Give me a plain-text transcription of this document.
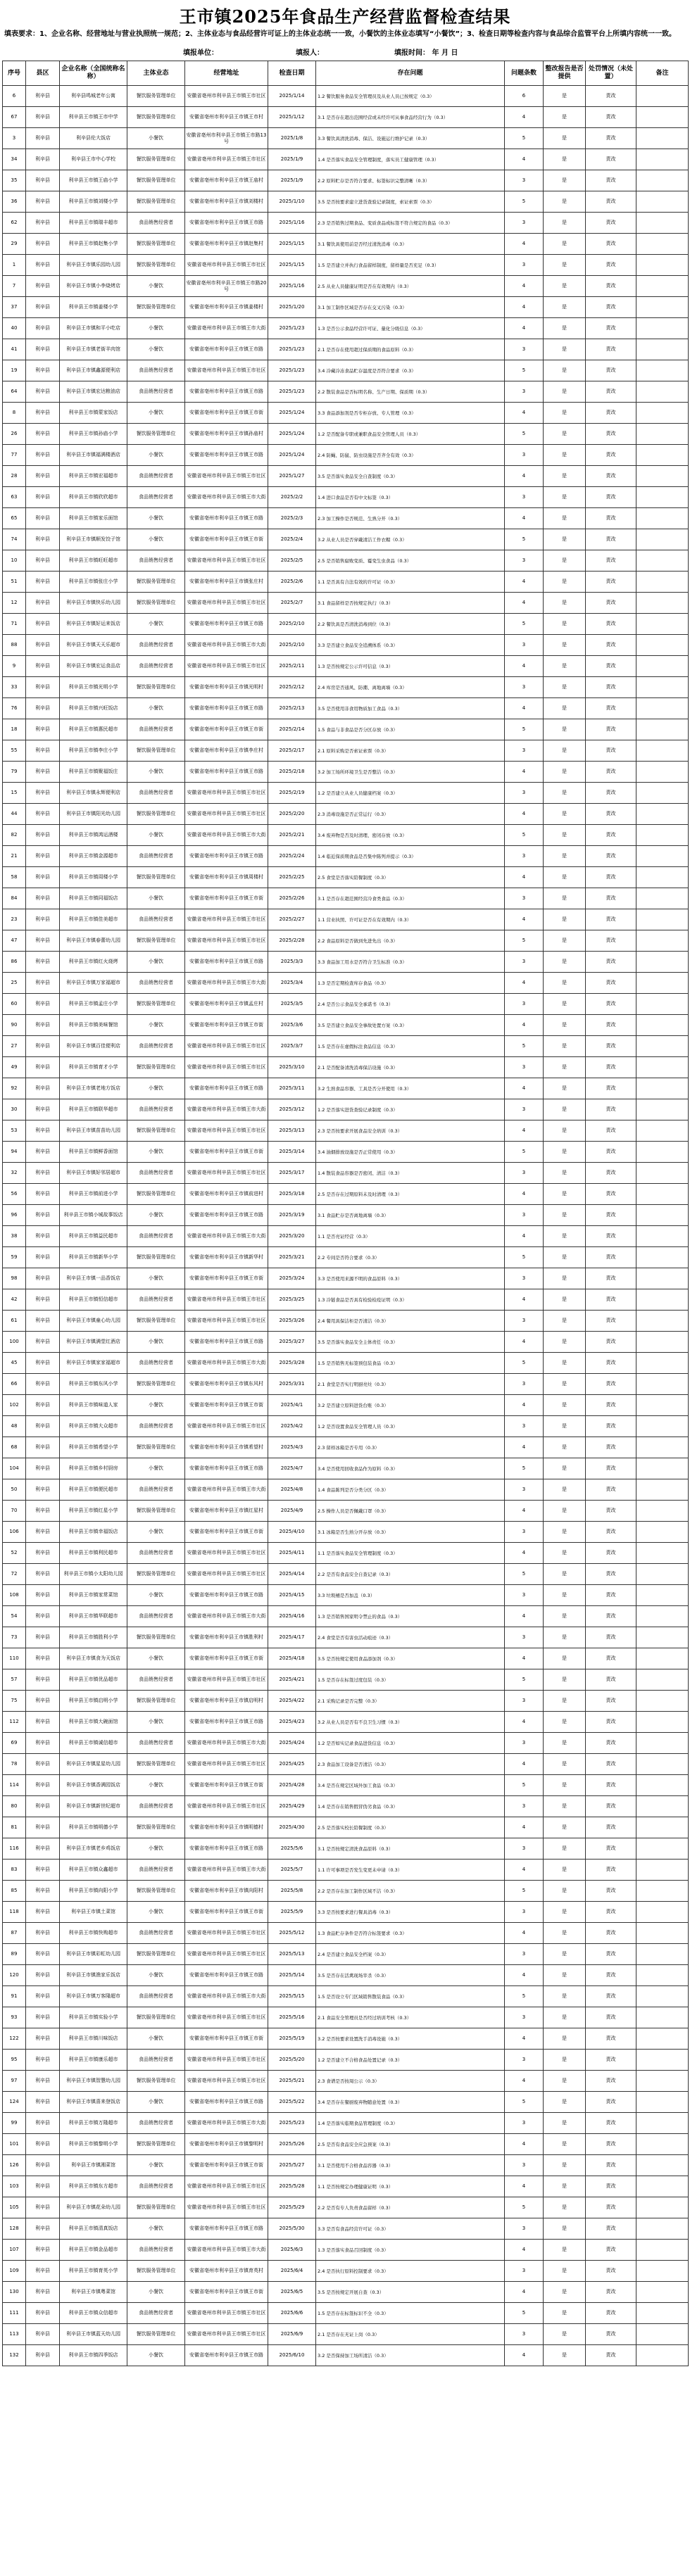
王市镇2025年食品生产经营监督检查结果
填表要求：1、企业名称、经营地址与营业执照统一规范；2、主体业态与食品经营许可证上的主体业态统一一致，小餐饮的主体业态填写“小餐饮”；3、检查日期等检查内容与食品综合监管平台上所填内容统一一致。
填报单位：	填报人：	填报时间： 年 月 日
序号	县区	企业名称（全国统称名称）	主体业态	经营地址	检查日期	存在问题	问题条数	整改报告是否提供	处罚情况（未处置）	备注
6	利辛县	利辛县鸣城老年公寓	餐饮服务管理单位	安徽省亳州市利辛县王市镇王市社区	2025/1/14	1.2 餐饮服务食品安全管理员及从业人员已按规定（0.3）	6	是	责改	
67	利辛县	利辛县王市镇王市中学	餐饮服务管理单位	安徽省亳州市利辛县王市镇王市村	2025/1/12	3.1 是否存在超出范围经营或未经许可从事食品经营行为（0.3）	4	是	责改	
3	利辛县	利辛县伦大饭店	小餐饮	安徽省亳州市利辛县王市镇王市路13号	2025/1/8	3.3 餐饮具清洗消毒、保洁、设施运行维护记录（0.3）	5	是	责改	
34	利辛县	利辛县王市中心学校	餐饮服务管理单位	安徽省亳州市利辛县王市镇王市社区	2025/1/9	1.4 是否落实食品安全管理制度，落实员工健康管理（0.3）	4	是	责改	
35	利辛县	利辛县王市镇王庙小学	餐饮服务管理单位	安徽省亳州市利辛县王市镇王庙村	2025/1/9	2.2 原料贮存是否符合要求、标签标识完整清晰（0.3）	3	是	责改	
36	利辛县	利辛县王市镇刘楼小学	餐饮服务管理单位	安徽省亳州市利辛县王市镇刘楼村	2025/1/10	3.5 是否按要求建立进货查验记录制度，索证索票（0.3）	5	是	责改	
62	利辛县	利辛县王市镇瑞丰超市	食品销售经营者	安徽省亳州市利辛县王市镇王市路	2025/1/16	2.3 是否销售过期食品、变质食品或标签不符合规定的食品（0.3）	3	是	责改	
29	利辛县	利辛县王市镇赵集小学	餐饮服务管理单位	安徽省亳州市利辛县王市镇赵集村	2025/1/15	3.1 餐饮具使用前是否经过清洗消毒（0.3）	4	是	责改	
1	利辛县	利辛县王市镇乐园幼儿园	餐饮服务管理单位	安徽省亳州市利辛县王市镇王市社区	2025/1/15	1.5 是否建立并执行食品留样制度，留样量是否充足（0.3）	3	是	责改	
7	利辛县	利辛县王市镇小李烧烤店	小餐饮	安徽省亳州市利辛县王市镇王市路20号	2025/1/16	2.5 从业人员健康证明是否在有效期内（0.3）	4	是	责改	
37	利辛县	利辛县王市镇姜楼小学	餐饮服务管理单位	安徽省亳州市利辛县王市镇姜楼村	2025/1/20	3.1 加工制作区域是否存在交叉污染（0.3）	4	是	责改	
40	利辛县	利辛县王市镇和平小吃店	小餐饮	安徽省亳州市利辛县王市镇王市大街	2025/1/23	1.3 是否公示食品经营许可证、量化分级信息（0.3）	4	是	责改	
41	利辛县	利辛县王市镇老街羊肉馆	小餐饮	安徽省亳州市利辛县王市镇王市路	2025/1/23	2.1 是否存在使用超过保质期的食品原料（0.3）	3	是	责改	
19	利辛县	利辛县王市镇鑫源便利店	食品销售经营者	安徽省亳州市利辛县王市镇王市社区	2025/1/23	3.4 冷藏冷冻食品贮存温度是否符合要求（0.3）	5	是	责改	
64	利辛县	利辛县王市镇宏达粮油店	食品销售经营者	安徽省亳州市利辛县王市镇王市路	2025/1/23	2.2 散装食品是否标明名称、生产日期、保质期（0.3）	3	是	责改	
8	利辛县	利辛县王市镇蒙家饭店	小餐饮	安徽省亳州市利辛县王市镇王市街	2025/1/24	3.3 食品添加剂是否专柜存放、专人管理（0.3）	4	是	责改	
26	利辛县	利辛县王市镇孙庙小学	餐饮服务管理单位	安徽省亳州市利辛县王市镇孙庙村	2025/1/24	1.2 是否配备专职或兼职食品安全管理人员（0.3）	5	是	责改	
77	利辛县	利辛县王市镇福满楼酒店	小餐饮	安徽省亳州市利辛县王市镇王市路	2025/1/24	2.4 防蝇、防鼠、防虫设施是否齐全有效（0.3）	3	是	责改	
28	利辛县	利辛县王市镇宏福超市	食品销售经营者	安徽省亳州市利辛县王市镇王市社区	2025/1/27	3.5 是否落实食品安全自查制度（0.3）	4	是	责改	
63	利辛县	利辛县王市镇欣欣超市	食品销售经营者	安徽省亳州市利辛县王市镇王市大街	2025/2/2	1.4 进口食品是否有中文标签（0.3）	3	是	责改	
65	利辛县	利辛县王市镇家乐面馆	小餐饮	安徽省亳州市利辛县王市镇王市路	2025/2/3	2.3 加工操作是否规范、生熟分开（0.3）	4	是	责改	
74	利辛县	利辛县王市镇顺发饺子馆	小餐饮	安徽省亳州市利辛县王市镇王市街	2025/2/4	3.2 从业人员是否穿戴清洁工作衣帽（0.3）	5	是	责改	
10	利辛县	利辛县王市镇旺旺超市	食品销售经营者	安徽省亳州市利辛县王市镇王市社区	2025/2/5	2.5 是否销售腐败变质、霉变生虫食品（0.3）	3	是	责改	
51	利辛县	利辛县王市镇张庄小学	餐饮服务管理单位	安徽省亳州市利辛县王市镇张庄村	2025/2/6	1.1 是否具有合法有效的许可证（0.3）	4	是	责改	
12	利辛县	利辛县王市镇快乐幼儿园	餐饮服务管理单位	安徽省亳州市利辛县王市镇王市社区	2025/2/7	3.1 食品留样是否按规定执行（0.3）	4	是	责改	
71	利辛县	利辛县王市镇好运来饭店	小餐饮	安徽省亳州市利辛县王市镇王市路	2025/2/10	2.2 餐饮具是否清洗消毒到位（0.3）	5	是	责改	
88	利辛县	利辛县王市镇天天乐超市	食品销售经营者	安徽省亳州市利辛县王市镇王市大街	2025/2/10	3.3 是否建立食品安全追溯体系（0.3）	3	是	责改	
9	利辛县	利辛县王市镇宏运食品店	食品销售经营者	安徽省亳州市利辛县王市镇王市社区	2025/2/11	1.3 是否按规定公示许可信息（0.3）	4	是	责改	
33	利辛县	利辛县王市镇光明小学	餐饮服务管理单位	安徽省亳州市利辛县王市镇光明村	2025/2/12	2.4 库房是否通风、防潮、离地离墙（0.3）	3	是	责改	
76	利辛县	利辛县王市镇兴旺饭店	小餐饮	安徽省亳州市利辛县王市镇王市路	2025/2/13	3.5 是否使用非食用物质加工食品（0.3）	4	是	责改	
18	利辛县	利辛县王市镇惠民超市	食品销售经营者	安徽省亳州市利辛县王市镇王市街	2025/2/14	1.5 食品与非食品是否分区存放（0.3）	5	是	责改	
55	利辛县	利辛县王市镇李庄小学	餐饮服务管理单位	安徽省亳州市利辛县王市镇李庄村	2025/2/17	2.1 原料采购是否索证索票（0.3）	3	是	责改	
79	利辛县	利辛县王市镇聚福饭庄	小餐饮	安徽省亳州市利辛县王市镇王市路	2025/2/18	3.2 加工场所环境卫生是否整洁（0.3）	4	是	责改	
15	利辛县	利辛县王市镇永辉便利店	食品销售经营者	安徽省亳州市利辛县王市镇王市社区	2025/2/19	1.2 是否建立从业人员健康档案（0.3）	3	是	责改	
44	利辛县	利辛县王市镇阳光幼儿园	餐饮服务管理单位	安徽省亳州市利辛县王市镇王市社区	2025/2/20	2.3 消毒设施是否正常运行（0.3）	4	是	责改	
82	利辛县	利辛县王市镇鸿运酒楼	小餐饮	安徽省亳州市利辛县王市镇王市大街	2025/2/21	3.4 废弃物是否及时清理、密闭存放（0.3）	5	是	责改	
21	利辛县	利辛县王市镇金源超市	食品销售经营者	安徽省亳州市利辛县王市镇王市路	2025/2/24	1.4 临近保质期食品是否集中陈列并提示（0.3）	3	是	责改	
58	利辛县	利辛县王市镇周楼小学	餐饮服务管理单位	安徽省亳州市利辛县王市镇周楼村	2025/2/25	2.5 食堂是否落实陪餐制度（0.3）	4	是	责改	
84	利辛县	利辛县王市镇同福饭店	小餐饮	安徽省亳州市利辛县王市镇王市街	2025/2/26	3.1 是否存在超范围经营冷食类食品（0.3）	3	是	责改	
23	利辛县	利辛县王市镇佳美超市	食品销售经营者	安徽省亳州市利辛县王市镇王市社区	2025/2/27	1.1 营业执照、许可证是否在有效期内（0.3）	4	是	责改	
47	利辛县	利辛县王市镇春蕾幼儿园	餐饮服务管理单位	安徽省亳州市利辛县王市镇王市社区	2025/2/28	2.2 食品原料是否做到先进先出（0.3）	5	是	责改	
86	利辛县	利辛县王市镇红火烧烤	小餐饮	安徽省亳州市利辛县王市镇王市路	2025/3/3	3.3 食品加工用水是否符合卫生标准（0.3）	3	是	责改	
25	利辛县	利辛县王市镇万家福超市	食品销售经营者	安徽省亳州市利辛县王市镇王市大街	2025/3/4	1.3 是否定期检查库存食品（0.3）	4	是	责改	
60	利辛县	利辛县王市镇孟庄小学	餐饮服务管理单位	安徽省亳州市利辛县王市镇孟庄村	2025/3/5	2.4 是否公示食品安全承诺书（0.3）	3	是	责改	
90	利辛县	利辛县王市镇美味餐馆	小餐饮	安徽省亳州市利辛县王市镇王市街	2025/3/6	3.5 是否建立食品安全事故处置方案（0.3）	4	是	责改	
27	利辛县	利辛县王市镇百佳便利店	食品销售经营者	安徽省亳州市利辛县王市镇王市社区	2025/3/7	1.5 是否存在虚假标注食品信息（0.3）	5	是	责改	
49	利辛县	利辛县王市镇育才小学	餐饮服务管理单位	安徽省亳州市利辛县王市镇王市社区	2025/3/10	2.1 是否配备清洗消毒保洁设施（0.3）	3	是	责改	
92	利辛县	利辛县王市镇老地方饭店	小餐饮	安徽省亳州市利辛县王市镇王市路	2025/3/11	3.2 生熟食品容器、工具是否分开使用（0.3）	4	是	责改	
30	利辛县	利辛县王市镇联华超市	食品销售经营者	安徽省亳州市利辛县王市镇王市大街	2025/3/12	1.2 是否落实进货查验记录制度（0.3）	3	是	责改	
53	利辛县	利辛县王市镇苗苗幼儿园	餐饮服务管理单位	安徽省亳州市利辛县王市镇王市社区	2025/3/13	2.3 是否按要求开展食品安全培训（0.3）	4	是	责改	
94	利辛县	利辛县王市镇鲜香面馆	小餐饮	安徽省亳州市利辛县王市镇王市街	2025/3/14	3.4 油烟排放设施是否正常使用（0.3）	5	是	责改	
32	利辛县	利辛县王市镇好邻居超市	食品销售经营者	安徽省亳州市利辛县王市镇王市社区	2025/3/17	1.4 散装食品容器是否密闭、清洁（0.3）	3	是	责改	
56	利辛县	利辛县王市镇前进小学	餐饮服务管理单位	安徽省亳州市利辛县王市镇前进村	2025/3/18	2.5 是否存在过期原料未及时清理（0.3）	4	是	责改	
96	利辛县	利辛县王市镇小城故事饭店	小餐饮	安徽省亳州市利辛县王市镇王市路	2025/3/19	3.1 食品贮存是否离地离墙（0.3）	3	是	责改	
38	利辛县	利辛县王市镇益民超市	食品销售经营者	安徽省亳州市利辛县王市镇王市大街	2025/3/20	1.1 是否亮证经营（0.3）	4	是	责改	
59	利辛县	利辛县王市镇新华小学	餐饮服务管理单位	安徽省亳州市利辛县王市镇新华村	2025/3/21	2.2 专间是否符合要求（0.3）	5	是	责改	
98	利辛县	利辛县王市镇一品香饭店	小餐饮	安徽省亳州市利辛县王市镇王市街	2025/3/24	3.3 是否使用来源不明的食品原料（0.3）	3	是	责改	
42	利辛县	利辛县王市镇恒信超市	食品销售经营者	安徽省亳州市利辛县王市镇王市社区	2025/3/25	1.3 冷链食品是否具有检验检疫证明（0.3）	4	是	责改	
61	利辛县	利辛县王市镇童心幼儿园	餐饮服务管理单位	安徽省亳州市利辛县王市镇王市社区	2025/3/26	2.4 餐用具保洁柜是否清洁（0.3）	3	是	责改	
100	利辛县	利辛县王市镇满堂红酒店	小餐饮	安徽省亳州市利辛县王市镇王市路	2025/3/27	3.5 是否落实食品安全主体责任（0.3）	4	是	责改	
45	利辛县	利辛县王市镇家家福超市	食品销售经营者	安徽省亳州市利辛县王市镇王市大街	2025/3/28	1.5 是否销售无标签预包装食品（0.3）	5	是	责改	
66	利辛县	利辛县王市镇东风小学	餐饮服务管理单位	安徽省亳州市利辛县王市镇东风村	2025/3/31	2.1 食堂是否实行明厨亮灶（0.3）	3	是	责改	
102	利辛县	利辛县王市镇味道人家	小餐饮	安徽省亳州市利辛县王市镇王市街	2025/4/1	3.2 是否建立原料进货台账（0.3）	4	是	责改	
48	利辛县	利辛县王市镇大众超市	食品销售经营者	安徽省亳州市利辛县王市镇王市社区	2025/4/2	1.2 是否设置食品安全管理人员（0.3）	3	是	责改	
68	利辛县	利辛县王市镇希望小学	餐饮服务管理单位	安徽省亳州市利辛县王市镇希望村	2025/4/3	2.3 留样冰箱是否专用（0.3）	4	是	责改	
104	利辛县	利辛县王市镇乡村厨房	小餐饮	安徽省亳州市利辛县王市镇王市路	2025/4/7	3.4 是否使用回收食品作为原料（0.3）	5	是	责改	
50	利辛县	利辛县王市镇便民超市	食品销售经营者	安徽省亳州市利辛县王市镇王市大街	2025/4/8	1.4 食品陈列是否分类分区（0.3）	3	是	责改	
70	利辛县	利辛县王市镇红星小学	餐饮服务管理单位	安徽省亳州市利辛县王市镇红星村	2025/4/9	2.5 操作人员是否佩戴口罩（0.3）	4	是	责改	
106	利辛县	利辛县王市镇幸福饭店	小餐饮	安徽省亳州市利辛县王市镇王市街	2025/4/10	3.1 冰箱是否生熟分开存放（0.3）	3	是	责改	
52	利辛县	利辛县王市镇利民超市	食品销售经营者	安徽省亳州市利辛县王市镇王市社区	2025/4/11	1.1 是否落实食品安全管理制度（0.3）	4	是	责改	
72	利辛县	利辛县王市镇小太阳幼儿园	餐饮服务管理单位	安徽省亳州市利辛县王市镇王市社区	2025/4/14	2.2 是否有食品安全自查记录（0.3）	5	是	责改	
108	利辛县	利辛县王市镇家常菜馆	小餐饮	安徽省亳州市利辛县王市镇王市路	2025/4/15	3.3 垃圾桶是否加盖（0.3）	3	是	责改	
54	利辛县	利辛县王市镇华联超市	食品销售经营者	安徽省亳州市利辛县王市镇王市大街	2025/4/16	1.3 是否销售国家明令禁止的食品（0.3）	4	是	责改	
73	利辛县	利辛县王市镇胜利小学	餐饮服务管理单位	安徽省亳州市利辛县王市镇胜利村	2025/4/17	2.4 食堂是否有害虫活动痕迹（0.3）	3	是	责改	
110	利辛县	利辛县王市镇食为天饭店	小餐饮	安徽省亳州市利辛县王市镇王市街	2025/4/18	3.5 是否按规定使用食品添加剂（0.3）	4	是	责改	
57	利辛县	利辛县王市镇优品超市	食品销售经营者	安徽省亳州市利辛县王市镇王市社区	2025/4/21	1.5 是否存在标签过度包装（0.3）	5	是	责改	
75	利辛县	利辛县王市镇启明小学	餐饮服务管理单位	安徽省亳州市利辛县王市镇启明村	2025/4/22	2.1 采购记录是否完整（0.3）	3	是	责改	
112	利辛县	利辛县王市镇大碗面馆	小餐饮	安徽省亳州市利辛县王市镇王市路	2025/4/23	3.2 从业人员是否有不良卫生习惯（0.3）	4	是	责改	
69	利辛县	利辛县王市镇诚信超市	食品销售经营者	安徽省亳州市利辛县王市镇王市大街	2025/4/24	1.2 是否如实记录食品进货信息（0.3）	3	是	责改	
78	利辛县	利辛县王市镇星星幼儿园	餐饮服务管理单位	安徽省亳州市利辛县王市镇王市社区	2025/4/25	2.3 食品加工设备是否清洁（0.3）	4	是	责改	
114	利辛县	利辛县王市镇香满园饭店	小餐饮	安徽省亳州市利辛县王市镇王市街	2025/4/28	3.4 是否在规定区域外加工食品（0.3）	5	是	责改	
80	利辛县	利辛县王市镇新世纪超市	食品销售经营者	安徽省亳州市利辛县王市镇王市社区	2025/4/29	1.4 是否存在销售假冒伪劣食品（0.3）	3	是	责改	
81	利辛县	利辛县王市镇明德小学	餐饮服务管理单位	安徽省亳州市利辛县王市镇明德村	2025/4/30	2.5 是否落实校长陪餐制度（0.3）	4	是	责改	
116	利辛县	利辛县王市镇老乡鸡饭店	小餐饮	安徽省亳州市利辛县王市镇王市路	2025/5/6	3.1 是否按规定清洗食品原料（0.3）	3	是	责改	
83	利辛县	利辛县王市镇众鑫超市	食品销售经营者	安徽省亳州市利辛县王市镇王市大街	2025/5/7	1.1 许可事项是否发生变更未申请（0.3）	4	是	责改	
85	利辛县	利辛县王市镇向阳小学	餐饮服务管理单位	安徽省亳州市利辛县王市镇向阳村	2025/5/8	2.2 是否存在加工制作区域不洁（0.3）	5	是	责改	
118	利辛县	利辛县王市镇土菜馆	小餐饮	安徽省亳州市利辛县王市镇王市街	2025/5/9	3.3 是否按要求进行餐具消毒（0.3）	3	是	责改	
87	利辛县	利辛县王市镇快购超市	食品销售经营者	安徽省亳州市利辛县王市镇王市社区	2025/5/12	1.3 食品贮存条件是否符合标签要求（0.3）	4	是	责改	
89	利辛县	利辛县王市镇彩虹幼儿园	餐饮服务管理单位	安徽省亳州市利辛县王市镇王市社区	2025/5/13	2.4 是否建立食品安全档案（0.3）	3	是	责改	
120	利辛县	利辛县王市镇渔家乐饭店	小餐饮	安徽省亳州市利辛县王市镇王市路	2025/5/14	3.5 是否存在活禽现场宰杀（0.3）	4	是	责改	
91	利辛县	利辛县王市镇万客隆超市	食品销售经营者	安徽省亳州市利辛县王市镇王市大街	2025/5/15	1.5 是否设立专门区域销售散装食品（0.3）	5	是	责改	
93	利辛县	利辛县王市镇实验小学	餐饮服务管理单位	安徽省亳州市利辛县王市镇王市社区	2025/5/16	2.1 食品安全管理员是否经过培训考核（0.3）	3	是	责改	
122	利辛县	利辛县王市镇川味饭店	小餐饮	安徽省亳州市利辛县王市镇王市街	2025/5/19	3.2 是否按要求设置洗手消毒设施（0.3）	4	是	责改	
95	利辛县	利辛县王市镇康乐超市	食品销售经营者	安徽省亳州市利辛县王市镇王市社区	2025/5/20	1.2 是否建立不合格食品处置记录（0.3）	3	是	责改	
97	利辛县	利辛县王市镇智慧幼儿园	餐饮服务管理单位	安徽省亳州市利辛县王市镇王市社区	2025/5/21	2.3 食谱是否按周公示（0.3）	4	是	责改	
124	利辛县	利辛县王市镇喜来登饭店	小餐饮	安徽省亳州市利辛县王市镇王市路	2025/5/22	3.4 是否存在餐厨废弃物随意处置（0.3）	5	是	责改	
99	利辛县	利辛县王市镇万隆超市	食品销售经营者	安徽省亳州市利辛县王市镇王市大街	2025/5/23	1.4 是否落实临期食品管理制度（0.3）	3	是	责改	
101	利辛县	利辛县王市镇黎明小学	餐饮服务管理单位	安徽省亳州市利辛县王市镇黎明村	2025/5/26	2.5 是否有食品安全应急预案（0.3）	4	是	责改	
126	利辛县	利辛县王市镇湘菜馆	小餐饮	安徽省亳州市利辛县王市镇王市街	2025/5/27	3.1 是否使用不合格食品容器（0.3）	3	是	责改	
103	利辛县	利辛县王市镇东方超市	食品销售经营者	安徽省亳州市利辛县王市镇王市社区	2025/5/28	1.1 是否按规定办理健康证明（0.3）	4	是	责改	
105	利辛县	利辛县王市镇花朵幼儿园	餐饮服务管理单位	安徽省亳州市利辛县王市镇王市社区	2025/5/29	2.2 是否有专人负责食品留样（0.3）	5	是	责改	
128	利辛县	利辛县王市镇清真饭店	小餐饮	安徽省亳州市利辛县王市镇王市路	2025/5/30	3.3 是否有食品经营许可证（0.3）	3	是	责改	
107	利辛县	利辛县王市镇金品超市	食品销售经营者	安徽省亳州市利辛县王市镇王市大街	2025/6/3	1.3 是否落实食品召回制度（0.3）	4	是	责改	
109	利辛县	利辛县王市镇育英小学	餐饮服务管理单位	安徽省亳州市利辛县王市镇育英村	2025/6/4	2.4 是否执行原料控制要求（0.3）	3	是	责改	
130	利辛县	利辛县王市镇粤菜馆	小餐饮	安徽省亳州市利辛县王市镇王市街	2025/6/5	3.5 是否按规定开展自查（0.3）	4	是	责改	
111	利辛县	利辛县王市镇众信超市	食品销售经营者	安徽省亳州市利辛县王市镇王市社区	2025/6/6	1.5 是否存在标签标识不全（0.3）	5	是	责改	
113	利辛县	利辛县王市镇蓝天幼儿园	餐饮服务管理单位	安徽省亳州市利辛县王市镇王市社区	2025/6/9	2.1 是否存在无证上岗（0.3）	3	是	责改	
132	利辛县	利辛县王市镇四季饭店	小餐饮	安徽省亳州市利辛县王市镇王市路	2025/6/10	3.2 是否保持加工场所清洁（0.3）	4	是	责改	
